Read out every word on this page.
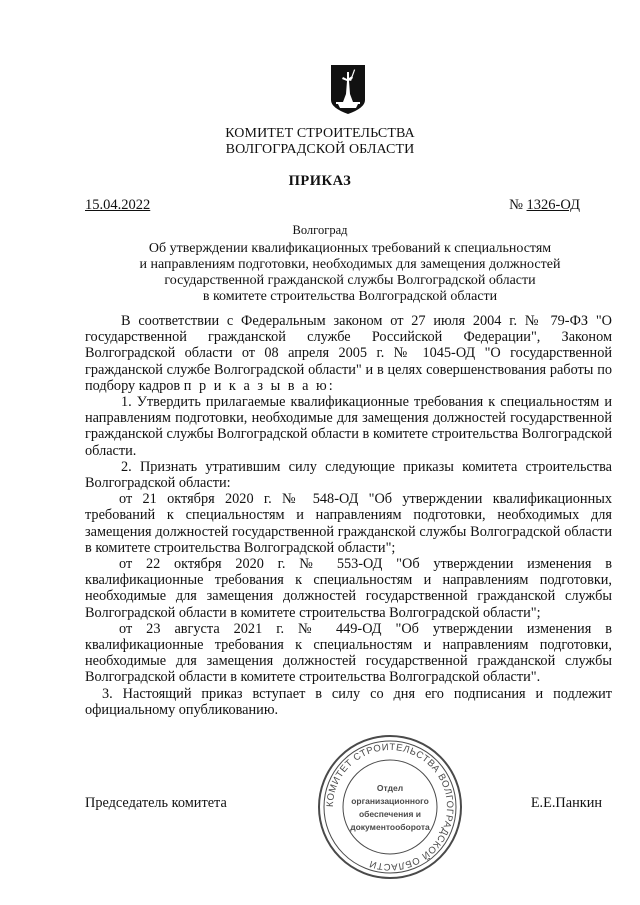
КОМИТЕТ СТРОИТЕЛЬСТВА
ВОЛГОГРАДСКОЙ ОБЛАСТИ
ПРИКАЗ
15.04.2022	№ 1326-ОД
Волгоград
Об утверждении квалификационных требований к специальностям
и направлениям подготовки, необходимых для замещения должностей
государственной гражданской службы Волгоградской области
в комитете строительства Волгоградской области

В соответствии с Федеральным законом от 27 июля 2004 г. № 79-ФЗ "О государственной гражданской службе Российской Федерации", Законом Волгоградской области от 08 апреля 2005 г. № 1045-ОД "О государственной гражданской службе Волгоградской области" и в целях совершенствования работы по подбору кадров п р и к а з ы в а ю:

1. Утвердить прилагаемые квалификационные требования к специальностям и направлениям подготовки, необходимые для замещения должностей государственной гражданской службы Волгоградской области в комитете строительства Волгоградской области.

2. Признать утратившим силу следующие приказы комитета строительства Волгоградской области:

от 21 октября 2020 г. № 548-ОД "Об утверждении квалификационных требований к специальностям и направлениям подготовки, необходимых для замещения должностей государственной гражданской службы Волгоградской области в комитете строительства Волгоградской области";

от 22 октября 2020 г. № 553-ОД "Об утверждении изменения в квалификационные требования к специальностям и направлениям подготовки, необходимые для замещения должностей государственной гражданской службы Волгоградской области в комитете строительства Волгоградской области";

от 23 августа 2021 г. № 449-ОД "Об утверждении изменения в квалификационные требования к специальностям и направлениям подготовки, необходимые для замещения должностей государственной гражданской службы Волгоградской области в комитете строительства Волгоградской области".

3. Настоящий приказ вступает в силу со дня его подписания и подлежит официальному опубликованию.

Председатель комитета	Е.Е.Панкин
КОМИТЕТ СТРОИТЕЛЬСТВА ВОЛГОГРАДСКОЙ ОБЛАСТИ
Отдел
организационного
обеспечения и
документооборота
